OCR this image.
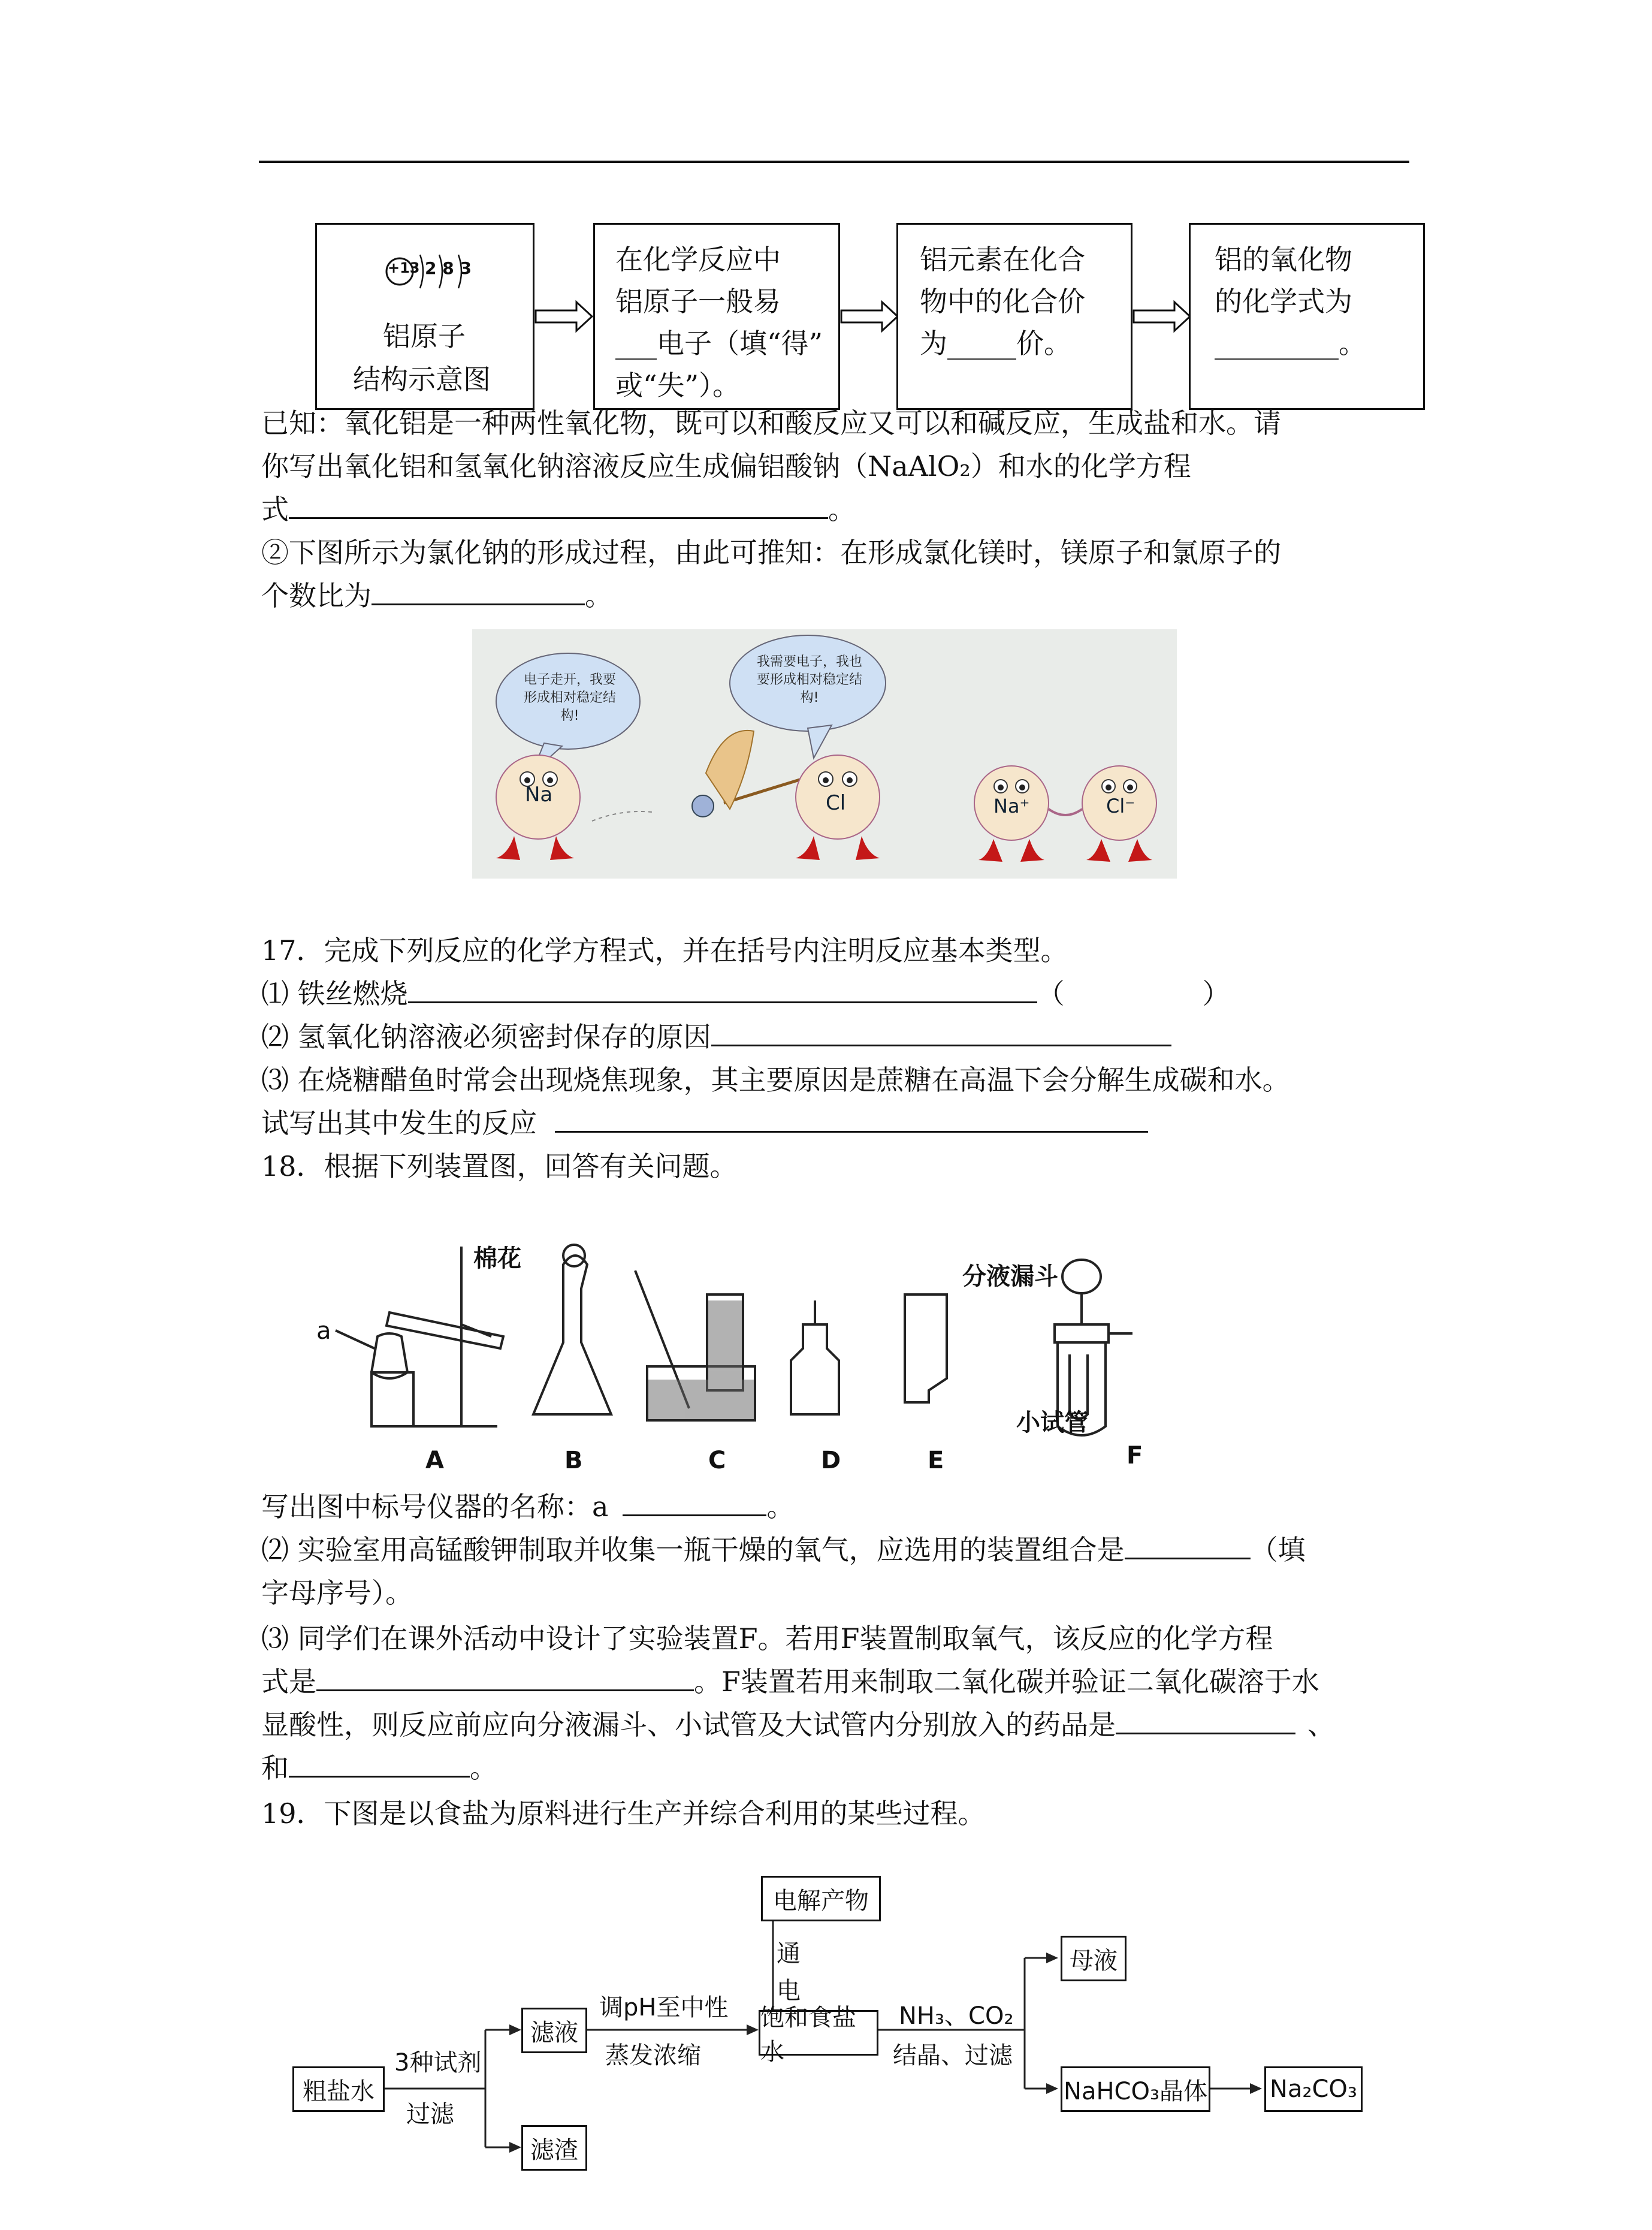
+13 2 8 3
铝原子
结构示意图
在化学反应中
铝原子一般易
___电子（填“得”
或“失”）。
铝元素在化合
物中的化合价
为_____价。
铝的氧化物
的化学式为
_________。
已知：氧化铝是一种两性氧化物，既可以和酸反应又可以和碱反应，生成盐和水。请
你写出氧化铝和氢氧化钠溶液反应生成偏铝酸钠（NaAlO₂）和水的化学方程
式	。
②下图所示为氯化钠的形成过程，由此可推知：在形成氯化镁时，镁原子和氯原子的
个数比为	。
电子走开，我要形成相对稳定结构!
我需要电子，我也要形成相对稳定结构!
Na	Cl	Na⁺	Cl⁻
17．完成下列反应的化学方程式，并在括号内注明反应基本类型。
⑴ 铁丝燃烧	（　　　　　）
⑵ 氢氧化钠溶液必须密封保存的原因
⑶ 在烧糖醋鱼时常会出现烧焦现象，其主要原因是蔗糖在高温下会分解生成碳和水。
试写出其中发生的反应
18．根据下列装置图，回答有关问题。
棉花
a
分液漏斗
小试管
A	B	C	D	E	F
写出图中标号仪器的名称：a	。
⑵ 实验室用高锰酸钾制取并收集一瓶干燥的氧气，应选用的装置组合是	（填
字母序号）。
⑶ 同学们在课外活动中设计了实验装置F。若用F装置制取氧气，该反应的化学方程
式是	。F装置若用来制取二氧化碳并验证二氧化碳溶于水
显酸性，则反应前应向分液漏斗、小试管及大试管内分别放入的药品是	、
和	。
19．下图是以食盐为原料进行生产并综合利用的某些过程。
粗盐水
滤液
滤渣
饱和食盐水
电解产物
母液
NaHCO₃晶体	Na₂CO₃
3种试剂
过滤
调pH至中性
蒸发浓缩
通
电
NH₃、CO₂
结晶、过滤
